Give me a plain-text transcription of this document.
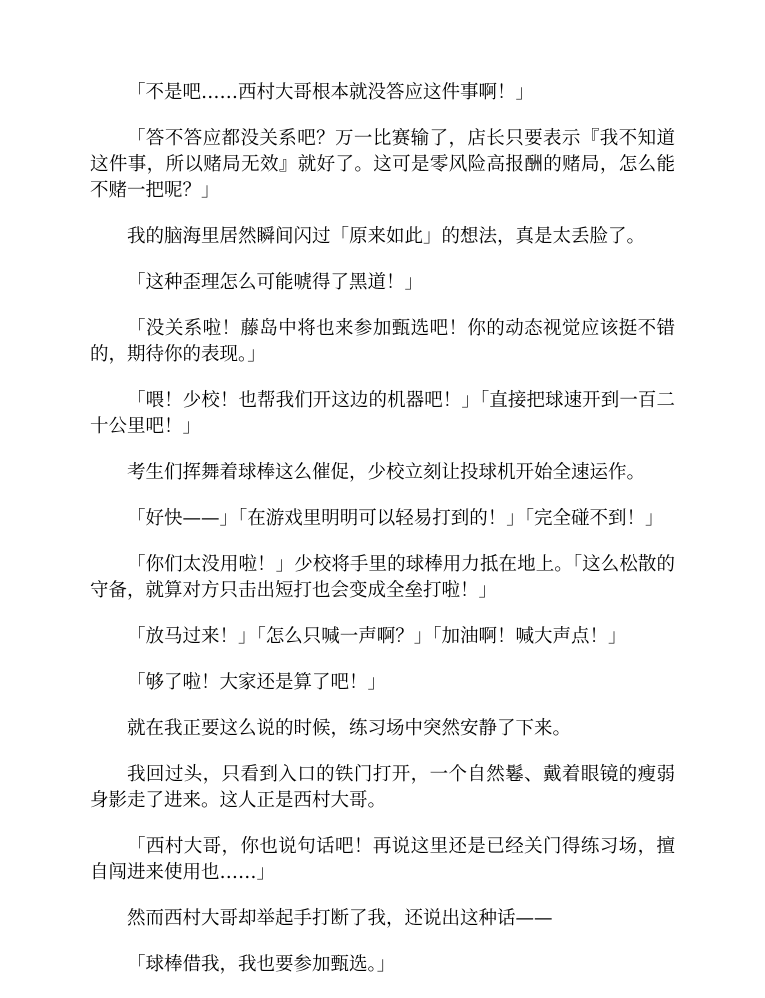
「不是吧……西村大哥根本就没答应这件事啊！」

「答不答应都没关系吧？万一比赛输了，店长只要表示『我不知道这件事，所以赌局无效』就好了。这可是零风险高报酬的赌局，怎么能不赌一把呢？」

我的脑海里居然瞬间闪过「原来如此」的想法，真是太丢脸了。

「这种歪理怎么可能唬得了黑道！」

「没关系啦！藤岛中将也来参加甄选吧！你的动态视觉应该挺不错的，期待你的表现。」

「喂！少校！也帮我们开这边的机器吧！」「直接把球速开到一百二十公里吧！」

考生们挥舞着球棒这么催促，少校立刻让投球机开始全速运作。

「好快——」「在游戏里明明可以轻易打到的！」「完全碰不到！」

「你们太没用啦！」少校将手里的球棒用力抵在地上。「这么松散的守备，就算对方只击出短打也会变成全垒打啦！」

「放马过来！」「怎么只喊一声啊？」「加油啊！喊大声点！」

「够了啦！大家还是算了吧！」

就在我正要这么说的时候，练习场中突然安静了下来。

我回过头，只看到入口的铁门打开，一个自然鬈、戴着眼镜的瘦弱身影走了进来。这人正是西村大哥。

「西村大哥，你也说句话吧！再说这里还是已经关门得练习场，擅自闯进来使用也……」

然而西村大哥却举起手打断了我，还说出这种话——

「球棒借我，我也要参加甄选。」
